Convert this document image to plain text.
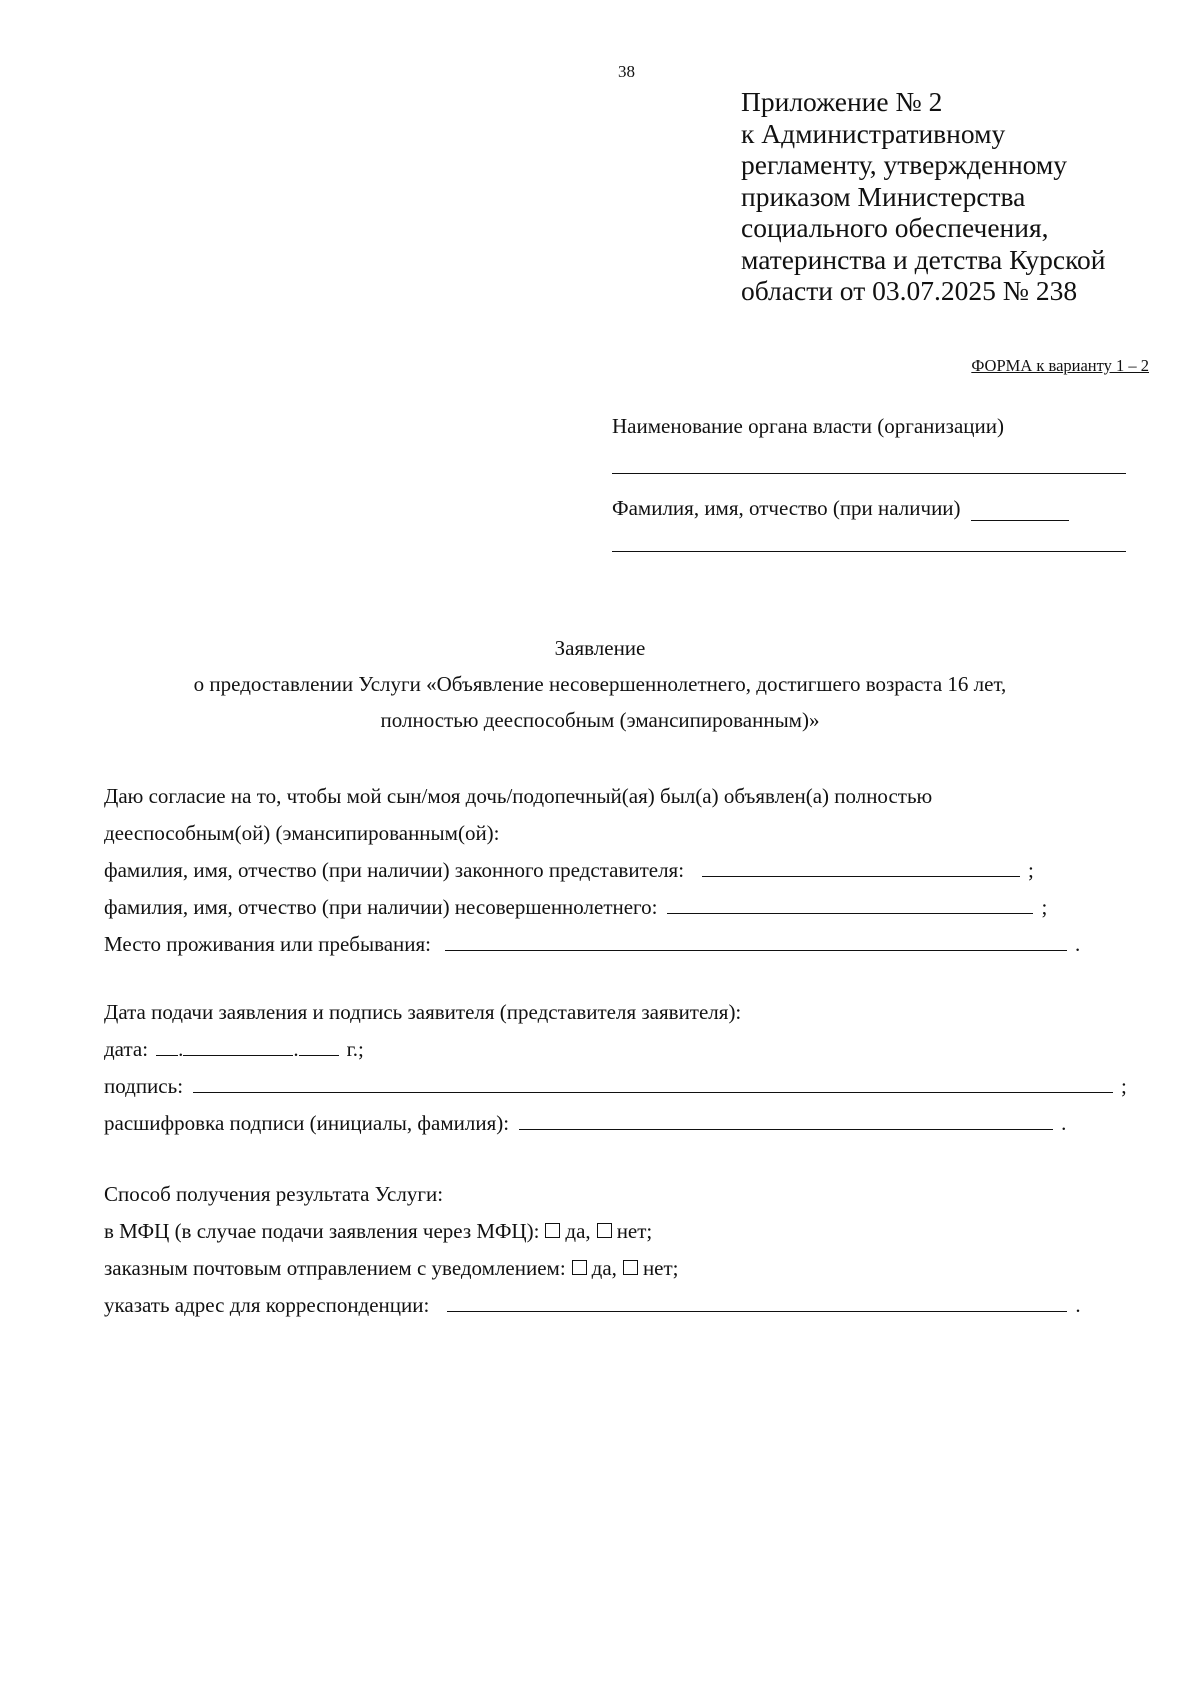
38
Приложение № 2
к Административному
регламенту, утвержденному
приказом Министерства
социального обеспечения,
материнства и детства Курской
области от 03.07.2025 № 238
ФОРМА к варианту 1 – 2
Наименование органа власти (организации)
Фамилия, имя, отчество (при наличии)
Заявление
о предоставлении Услуги «Объявление несовершеннолетнего, достигшего возраста 16 лет,
полностью дееспособным (эмансипированным)»
Даю согласие на то, чтобы мой сын/моя дочь/подопечный(ая) был(а) объявлен(а) полностью
дееспособным(ой) (эмансипированным(ой):
фамилия, имя, отчество (при наличии) законного представителя:	;
фамилия, имя, отчество (при наличии) несовершеннолетнего:	;
Место проживания или пребывания:	.
Дата подачи заявления и подпись заявителя (представителя заявителя):
дата: .	. г.;
подпись:	;
расшифровка подписи (инициалы, фамилия):	.
Способ получения результата Услуги:
в МФЦ (в случае подачи заявления через МФЦ): да, нет;
заказным почтовым отправлением с уведомлением: да, нет;
указать адрес для корреспонденции:	.
